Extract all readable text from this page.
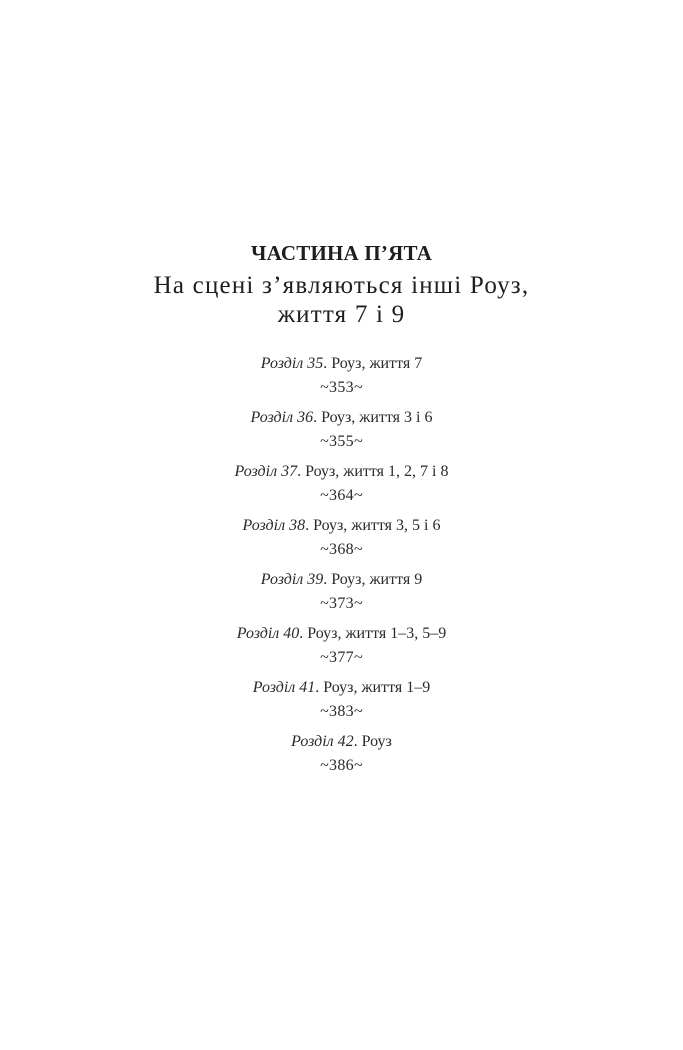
ЧАСТИНА П’ЯТА
На сцені з’являються інші Роуз,
життя 7 і 9
Розділ 35. Роуз, життя 7
~353~
Розділ 36. Роуз, життя 3 і 6
~355~
Розділ 37. Роуз, життя 1, 2, 7 і 8
~364~
Розділ 38. Роуз, життя 3, 5 і 6
~368~
Розділ 39. Роуз, життя 9
~373~
Розділ 40. Роуз, життя 1–3, 5–9
~377~
Розділ 41. Роуз, життя 1–9
~383~
Розділ 42. Роуз
~386~
